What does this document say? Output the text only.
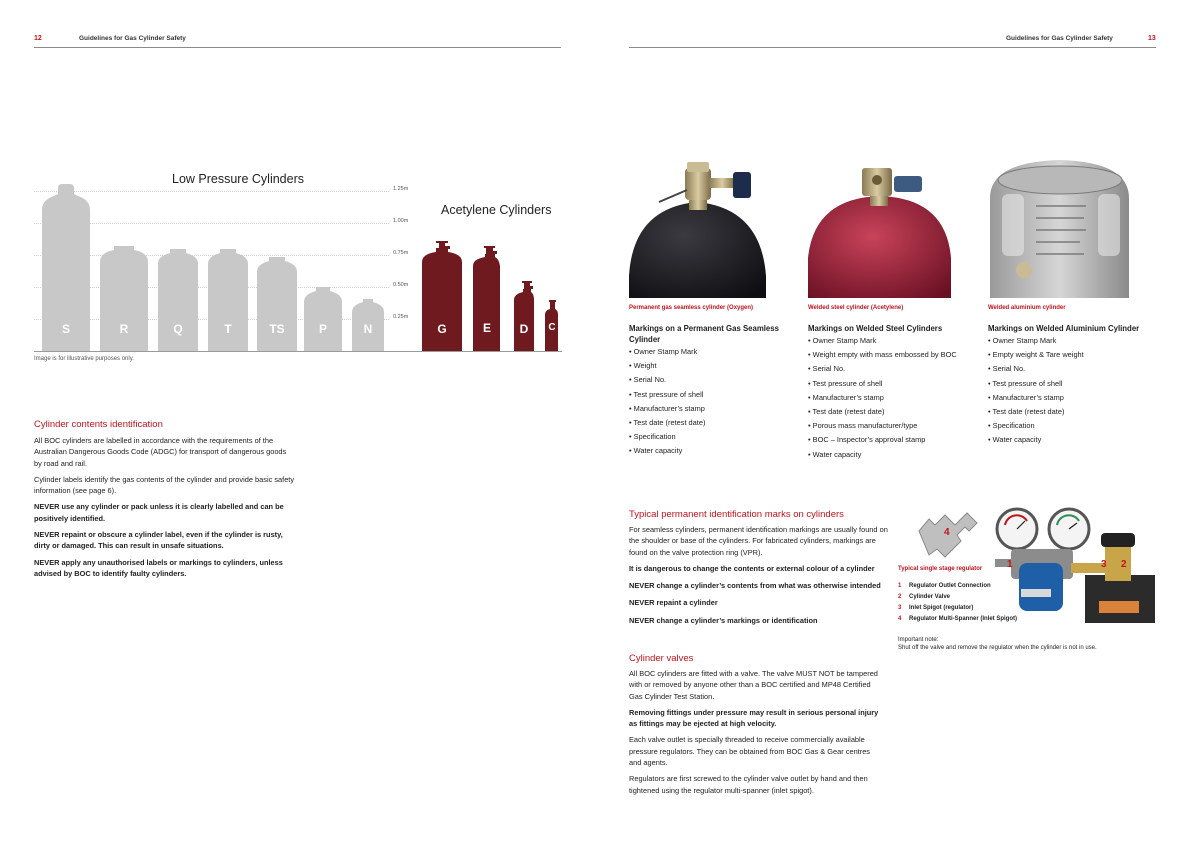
12	Guidelines for Gas Cylinder Safety
1.25m
1.00m
0.75m
0.50m
0.25m
Low Pressure Cylinders
Acetylene Cylinders
S	R	Q	T	TS	P	N	G	E	D	C
Image is for illustrative purposes only.
Cylinder contents identification

All BOC cylinders are labelled in accordance with the requirements of the Australian Dangerous Goods Code (ADGC) for transport of dangerous goods by road and rail.

Cylinder labels identify the gas contents of the cylinder and provide basic safety information (see page 6).

NEVER use any cylinder or pack unless it is clearly labelled and can be positively identified.

NEVER repaint or obscure a cylinder label, even if the cylinder is rusty, dirty or damaged. This can result in unsafe situations.

NEVER apply any unauthorised labels or markings to cylinders, unless advised by BOC to identify faulty cylinders.

Guidelines for Gas Cylinder Safety	13
Permanent gas seamless cylinder (Oxygen)	Welded steel cylinder (Acetylene)	Welded aluminium cylinder
Markings on a Permanent Gas Seamless Cylinder
• Owner Stamp Mark
• Weight
• Serial No.
• Test pressure of shell
• Manufacturer’s stamp
• Test date (retest date)
• Specification
• Water capacity
Markings on Welded Steel Cylinders
• Owner Stamp Mark
• Weight empty with mass embossed by BOC
• Serial No.
• Test pressure of shell
• Manufacturer’s stamp
• Test date (retest date)
• Porous mass manufacturer/type
• BOC – Inspector’s approval stamp
• Water capacity
Markings on Welded Aluminium Cylinder
• Owner Stamp Mark
• Empty weight & Tare weight
• Serial No.
• Test pressure of shell
• Manufacturer’s stamp
• Test date (retest date)
• Specification
• Water capacity
Typical permanent identification marks on cylinders

For seamless cylinders, permanent identification markings are usually found on the shoulder or base of the cylinders. For fabricated cylinders, markings are found on the valve protection ring (VPR).

It is dangerous to change the contents or external colour of a cylinder

NEVER change a cylinder’s contents from what was otherwise intended

NEVER repaint a cylinder

NEVER change a cylinder’s markings or identification

Cylinder valves

All BOC cylinders are fitted with a valve. The valve MUST NOT be tampered with or removed by anyone other than a BOC certified and MP48 Certified Gas Cylinder Test Station.

Removing fittings under pressure may result in serious personal injury as fittings may be ejected at high velocity.

Each valve outlet is specially threaded to receive commercially available pressure regulators. They can be obtained from BOC Gas & Gear centres and agents.

Regulators are first screwed to the cylinder valve outlet by hand and then tightened using the regulator multi-spanner (inlet spigot).

4
1	3 2
Typical single stage regulator
1 Regulator Outlet Connection
2 Cylinder Valve
3 Inlet Spigot (regulator)
4 Regulator Multi-Spanner (Inlet Spigot)
Important note:
Shut off the valve and remove the regulator when the cylinder is not in use.
